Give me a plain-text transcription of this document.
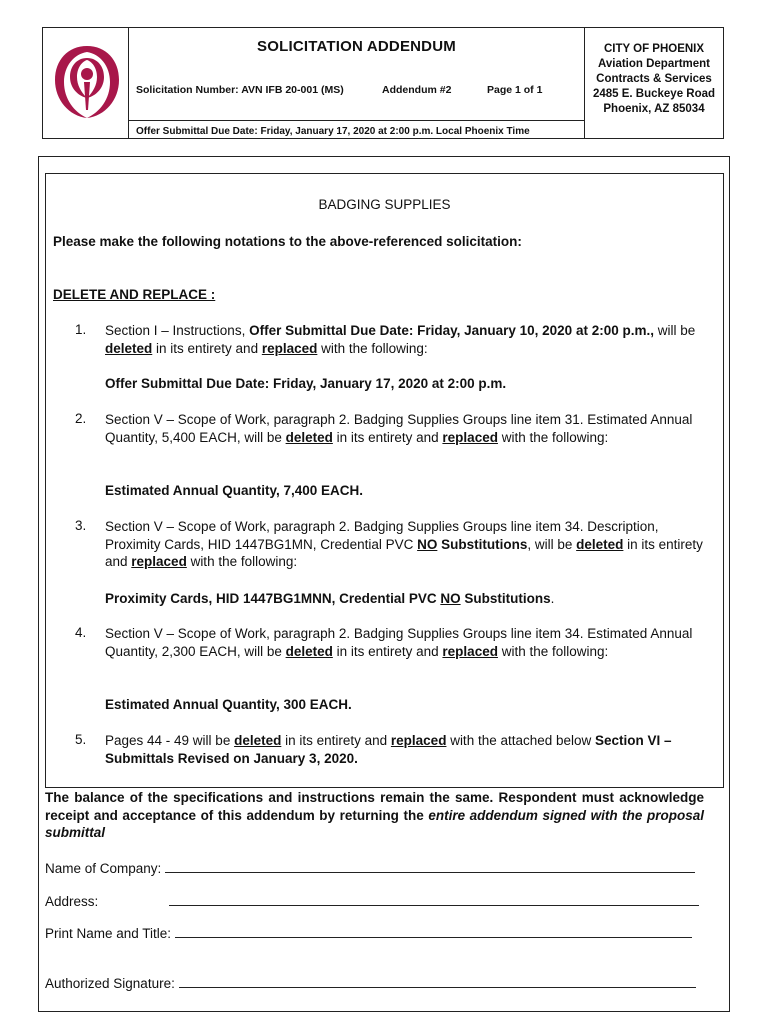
SOLICITATION ADDENDUM
Solicitation Number: AVN IFB 20-001 (MS)	Addendum #2	Page 1 of 1
Offer Submittal Due Date: Friday, January 17, 2020 at 2:00 p.m. Local Phoenix Time
CITY OF PHOENIX
Aviation Department
Contracts & Services
2485 E. Buckeye Road
Phoenix, AZ 85034
BADGING SUPPLIES
Please make the following notations to the above-referenced solicitation:
DELETE AND REPLACE :
1. Section I – Instructions, Offer Submittal Due Date: Friday, January 10, 2020 at 2:00 p.m., will be deleted in its entirety and replaced with the following:
Offer Submittal Due Date: Friday, January 17, 2020 at 2:00 p.m.
2. Section V – Scope of Work, paragraph 2. Badging Supplies Groups line item 31. Estimated Annual Quantity, 5,400 EACH, will be deleted in its entirety and replaced with the following:
Estimated Annual Quantity, 7,400 EACH.
3. Section V – Scope of Work, paragraph 2. Badging Supplies Groups line item 34. Description, Proximity Cards, HID 1447BG1MN, Credential PVC NO Substitutions, will be deleted in its entirety and replaced with the following:
Proximity Cards, HID 1447BG1MNN, Credential PVC NO Substitutions.
4. Section V – Scope of Work, paragraph 2. Badging Supplies Groups line item 34. Estimated Annual Quantity, 2,300 EACH, will be deleted in its entirety and replaced with the following:
Estimated Annual Quantity, 300 EACH.
5. Pages 44 - 49 will be deleted in its entirety and replaced with the attached below Section VI – Submittals Revised on January 3, 2020.
The balance of the specifications and instructions remain the same. Respondent must acknowledge receipt and acceptance of this addendum by returning the entire addendum signed with the proposal submittal
Name of Company:
Address:
Print Name and Title:
Authorized Signature:
